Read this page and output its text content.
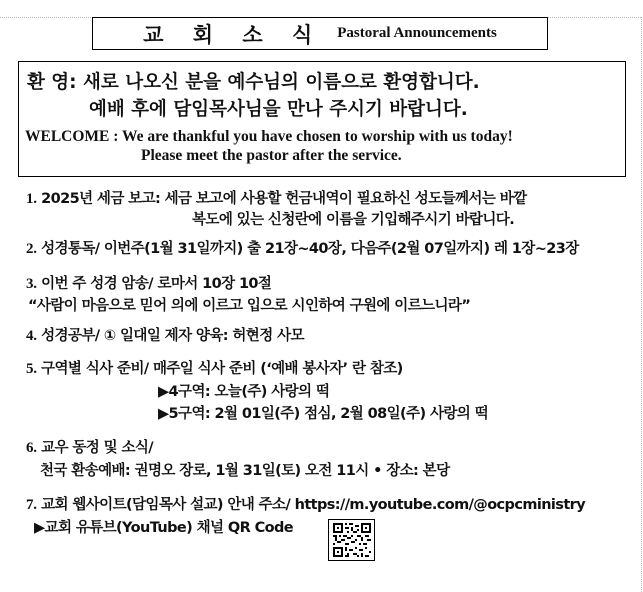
교 회 소 식 Pastoral Announcements
환 영: 새로 나오신 분을 예수님의 이름으로 환영합니다.
예배 후에 담임목사님을 만나 주시기 바랍니다.
WELCOME : We are thankful you have chosen to worship with us today!
Please meet the pastor after the service.
1. 2025년 세금 보고: 세금 보고에 사용할 헌금내역이 필요하신 성도들께서는 바깥
복도에 있는 신청란에 이름을 기입해주시기 바랍니다.
2. 성경통독/ 이번주(1월 31일까지) 출 21장~40장, 다음주(2월 07일까지) 레 1장~23장
3. 이번 주 성경 암송/ 로마서 10장 10절
“사람이 마음으로 믿어 의에 이르고 입으로 시인하여 구원에 이르느니라”
4. 성경공부/ ① 일대일 제자 양육: 허현정 사모
5. 구역별 식사 준비/ 매주일 식사 준비 (‘예배 봉사자’ 란 참조)
▶4구역: 오늘(주) 사랑의 떡
▶5구역: 2월 01일(주) 점심, 2월 08일(주) 사랑의 떡
6. 교우 동정 및 소식/
천국 환송예배: 권명오 장로, 1월 31일(토) 오전 11시 • 장소: 본당
7. 교회 웹사이트(담임목사 설교) 안내 주소/ https://m.youtube.com/@ocpcministry
▶교회 유튜브(YouTube) 채널 QR Code
